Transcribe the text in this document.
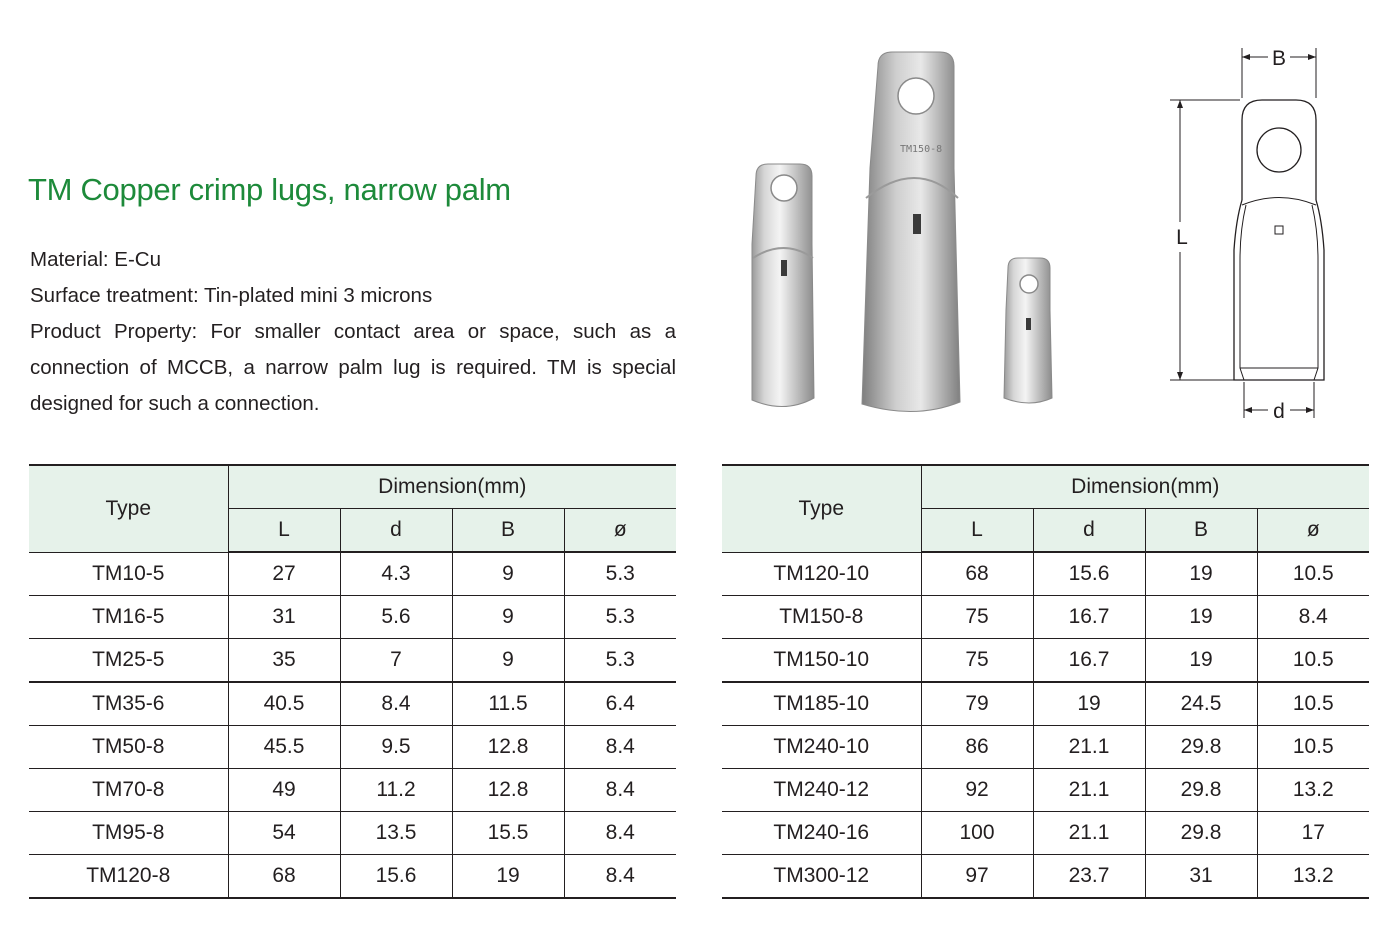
TM Copper crimp lugs, narrow palm

Material: E-Cu

Surface treatment: Tin-plated mini 3 microns

Product Property: For smaller contact area or space, such as a

connection of MCCB, a narrow palm lug is required. TM is special

designed for such a connection.

TM150-8
B
L
d
Type	Dimension(mm)			
	L	d	B	ø
TM10-5	27	4.3	9	5.3
TM16-5	31	5.6	9	5.3
TM25-5	35	7	9	5.3
TM35-6	40.5	8.4	11.5	6.4
TM50-8	45.5	9.5	12.8	8.4
TM70-8	49	11.2	12.8	8.4
TM95-8	54	13.5	15.5	8.4
TM120-8	68	15.6	19	8.4
Type	Dimension(mm)			
	L	d	B	ø
TM120-10	68	15.6	19	10.5
TM150-8	75	16.7	19	8.4
TM150-10	75	16.7	19	10.5
TM185-10	79	19	24.5	10.5
TM240-10	86	21.1	29.8	10.5
TM240-12	92	21.1	29.8	13.2
TM240-16	100	21.1	29.8	17
TM300-12	97	23.7	31	13.2
